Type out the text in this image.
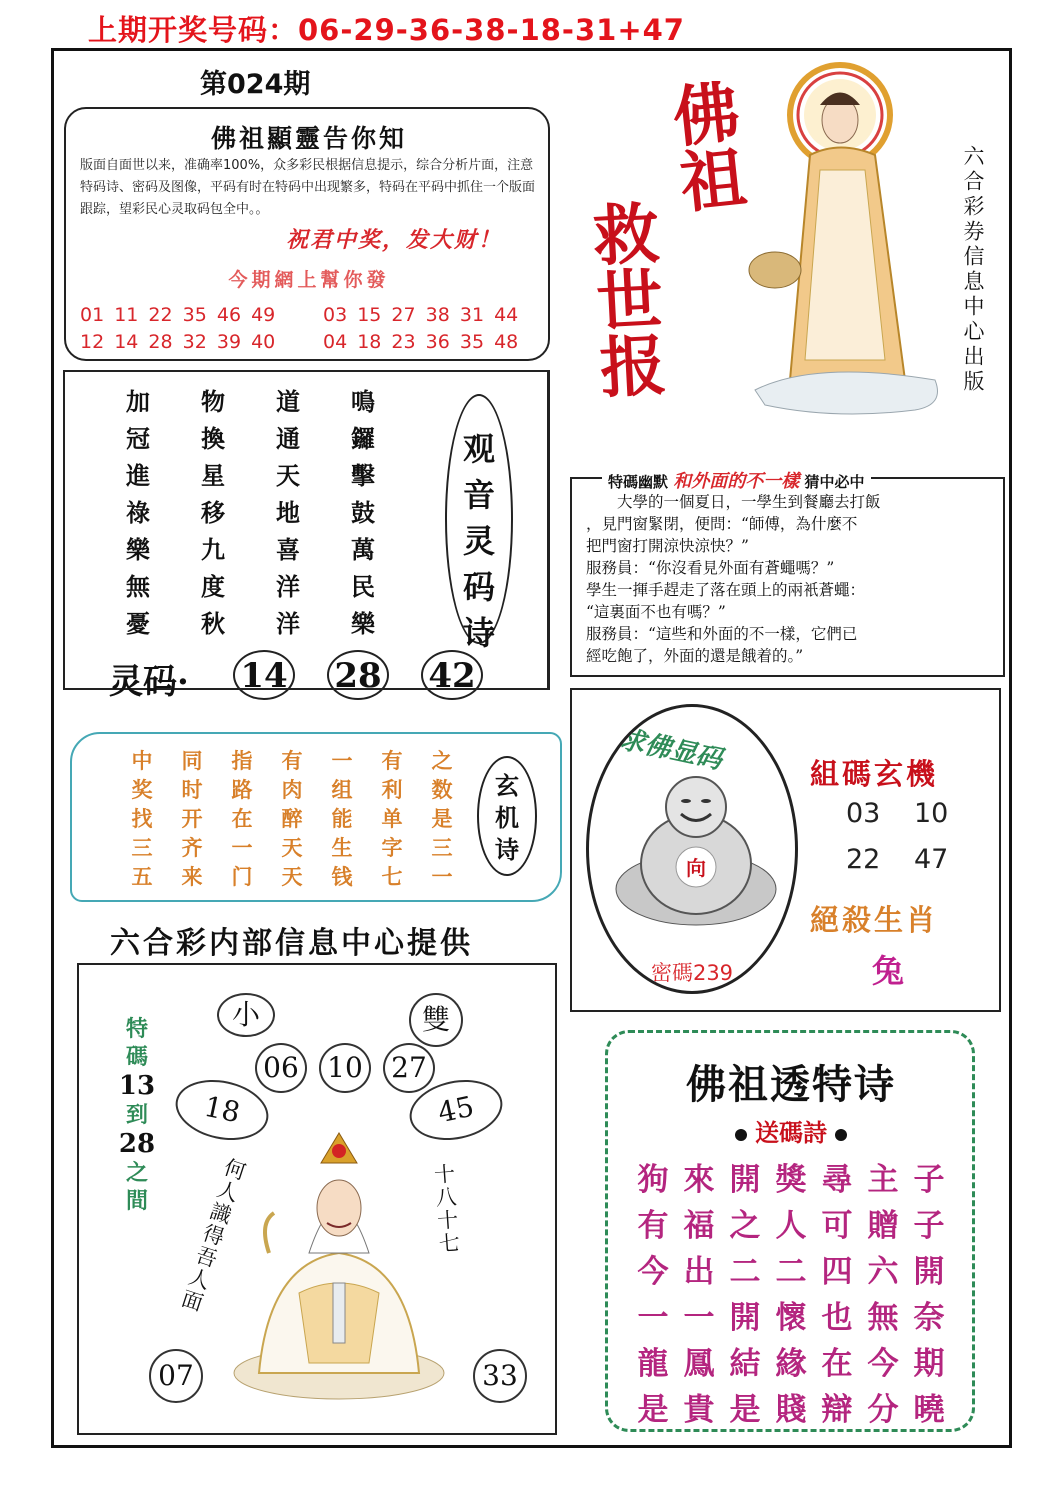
上期开奖号码：06-29-36-38-18-31+47
第024期
佛祖顯靈告你知
版面自面世以来，准确率100%，众多彩民根据信息提示，综合分析片面，注意特码诗、密码及图像，平码有时在特码中出现繁多，特码在平码中抓住一个版面跟踪，望彩民心灵取码包全中。。
祝君中奖，发大财！
今期網上幫你發
01 11 22 35 46 49	03 15 27 38 31 44
12 14 28 32 39 40	04 18 23 36 35 48
加	物	道	鳴
冠	換	通	鑼
進	星	天	擊
祿	移	地	鼓
樂	九	喜	萬
無	度	洋	民
憂	秋	洋	樂
观
音
灵
码
诗
灵码· 14 28 42
中	同	指	有	一	有	之
奖	时	路	肉	组	利	数
找	开	在	醉	能	单	是
三	齐	一	天	生	字	三
五	来	门	天	钱	七	一
玄
机
诗
六合彩内部信息中心提供
小	雙
06 10 27
18	45
07	33
特
碼
13
到
28
之
間	何人識得吾人面	十八十七
佛祖
救世报	六合彩券信息中心出版
特碼幽默 和外面的不一樣 猜中必中
　　大學的一個夏日，一學生到餐廳去打飯
，見門窗緊閉，便問：“師傅，為什麼不
把門窗打開涼快涼快？”
服務員：“你沒看見外面有蒼蠅嗎？”
學生一揮手趕走了落在頭上的兩衹蒼蠅：
“這裏面不也有嗎？”
服務員：“這些和外面的不一樣，它們已
經吃飽了，外面的還是餓着的。”
求佛显码
向
密碼239
組碼玄機
03 10
22 47
絕殺生肖
兔
佛祖透特诗
送碼詩
狗 來 開 獎 尋 主 子
有 福 之 人 可 贈 子
今 出 二 二 四 六 開
一 一 開 懷 也 無 奈
龍 鳳 結 緣 在 今 期
是 貴 是 賤 辯 分 曉
